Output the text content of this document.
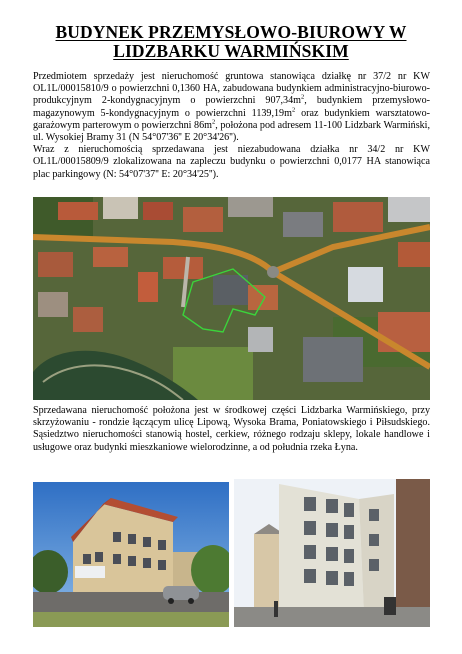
BUDYNEK PRZEMYSŁOWO-BIUROWY W
LIDZBARKU WARMIŃSKIM

Przedmiotem sprzedaży jest nieruchomość gruntowa stanowiąca działkę nr 37/2 nr KW OL1L/00015810/9 o powierzchni 0,1360 HA, zabudowana budynkiem administracyjno-biurowo-produkcyjnym 2-kondygnacyjnym o powierzchni $907,34m^2$, budynkiem przemysłowo-magazynowym 5-kondygnacyjnym o powierzchni $1139,19m^2$ oraz budynkiem warsztatowo-garażowym parterowym o powierzchni $86m^2$, położona pod adresem 11-100 Lidzbark Warmiński, ul. Wysokiej Bramy 31 (N 54°07'36'' E 20°34'26'').

Wraz z nieruchomością sprzedawana jest niezabudowana działka nr 34/2 nr KW OL1L/00015809/9 zlokalizowana na zapleczu budynku o powierzchni 0,0177 HA stanowiąca plac parkingowy (N: 54°07'37'' E: 20°34'25'').

Sprzedawana nieruchomość położona jest w środkowej części Lidzbarka Warmińskiego, przy skrzyżowaniu - rondzie łączącym ulicę Lipową, Wysoka Brama, Poniatowskiego i Piłsudskiego. Sąsiedztwo nieruchomości stanowią hostel, cerkiew, różnego rodzaju sklepy, lokale handlowe i usługowe oraz budynki mieszkaniowe wielorodzinne, a od południa rzeka Łyna.
